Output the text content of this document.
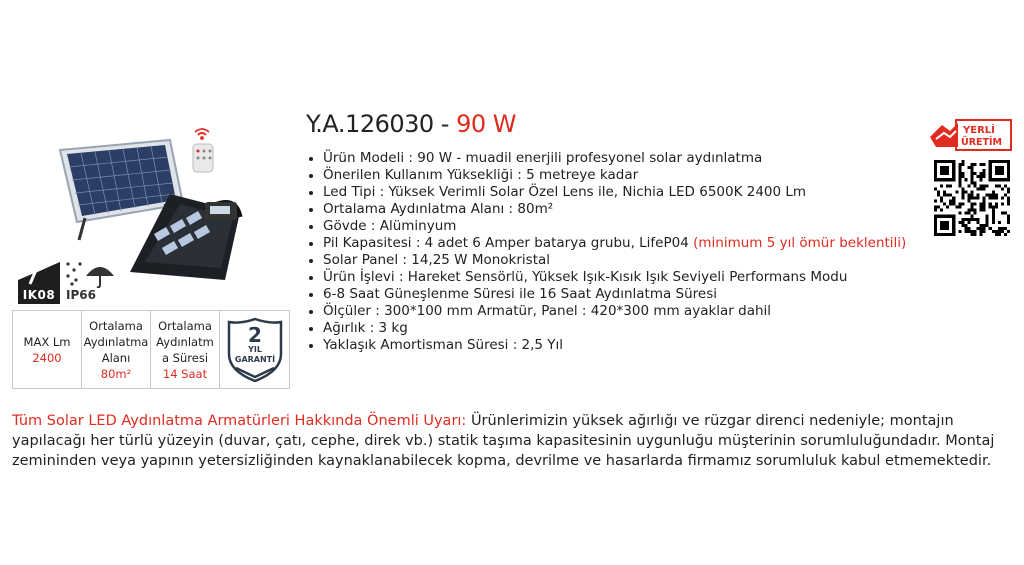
IK08 IP66
MAX Lm
2400
Ortalama
Aydınlatma
Alanı
80m²
Ortalama
Aydınlatm
a Süresi
14 Saat
2
YIL
GARANTİ
Y.A.126030 - 90 W
Ürün Modeli : 90 W - muadil enerjili profesyonel solar aydınlatma
Önerilen Kullanım Yüksekliği : 5 metreye kadar
Led Tipi : Yüksek Verimli Solar Özel Lens ile, Nichia LED 6500K 2400 Lm
Ortalama Aydınlatma Alanı : 80m²
Gövde : Alüminyum
Pil Kapasitesi : 4 adet 6 Amper batarya grubu, LifeP04 (minimum 5 yıl ömür beklentili)
Solar Panel : 14,25 W Monokristal
Ürün İşlevi : Hareket Sensörlü, Yüksek Işık-Kısık Işık Seviyeli Performans Modu
6-8 Saat Güneşlenme Süresi ile 16 Saat Aydınlatma Süresi
Ölçüler : 300*100 mm Armatür, Panel : 420*300 mm ayaklar dahil
Ağırlık : 3 kg
Yaklaşık Amortisman Süresi : 2,5 Yıl
YERLİ
ÜRETİM
Tüm Solar LED Aydınlatma Armatürleri Hakkında Önemli Uyarı: Ürünlerimizin yüksek ağırlığı ve rüzgar direnci nedeniyle; montajın yapılacağı her türlü yüzeyin (duvar, çatı, cephe, direk vb.) statik taşıma kapasitesinin uygunluğu müşterinin sorumluluğundadır. Montaj zemininden veya yapının yetersizliğinden kaynaklanabilecek kopma, devrilme ve hasarlarda firmamız sorumluluk kabul etmemektedir.
